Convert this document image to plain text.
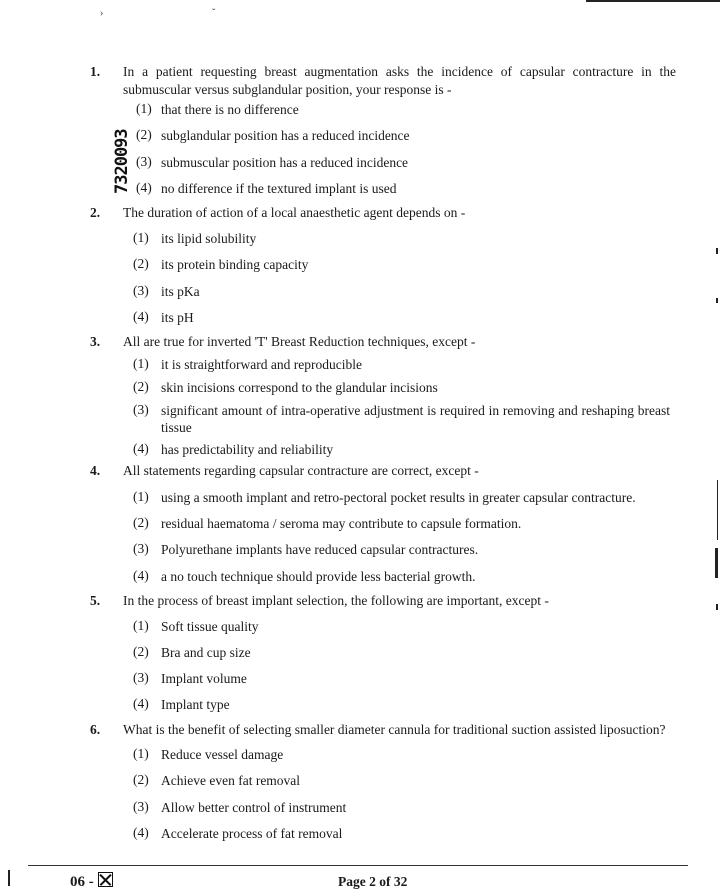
›	ˇ
7320093
1. In a patient requesting breast augmentation asks the incidence of capsular contracture in the submuscular versus subglandular position, your response is -
(1) that there is no difference
(2) subglandular position has a reduced incidence
(3) submuscular position has a reduced incidence
(4) no difference if the textured implant is used
2. The duration of action of a local anaesthetic agent depends on -
(1) its lipid solubility
(2) its protein binding capacity
(3) its pKa
(4) its pH
3. All are true for inverted 'T' Breast Reduction techniques, except -
(1) it is straightforward and reproducible
(2) skin incisions correspond to the glandular incisions
(3) significant amount of intra-operative adjustment is required in removing and reshaping breast tissue
(4) has predictability and reliability
4. All statements regarding capsular contracture are correct, except -
(1) using a smooth implant and retro-pectoral pocket results in greater capsular contracture.
(2) residual haematoma / seroma may contribute to capsule formation.
(3) Polyurethane implants have reduced capsular contractures.
(4) a no touch technique should provide less bacterial growth.
5. In the process of breast implant selection, the following are important, except -
(1) Soft tissue quality
(2) Bra and cup size
(3) Implant volume
(4) Implant type
6. What is the benefit of selecting smaller diameter cannula for traditional suction assisted liposuction?
(1) Reduce vessel damage
(2) Achieve even fat removal
(3) Allow better control of instrument
(4) Accelerate process of fat removal
06 -	Page 2 of 32
